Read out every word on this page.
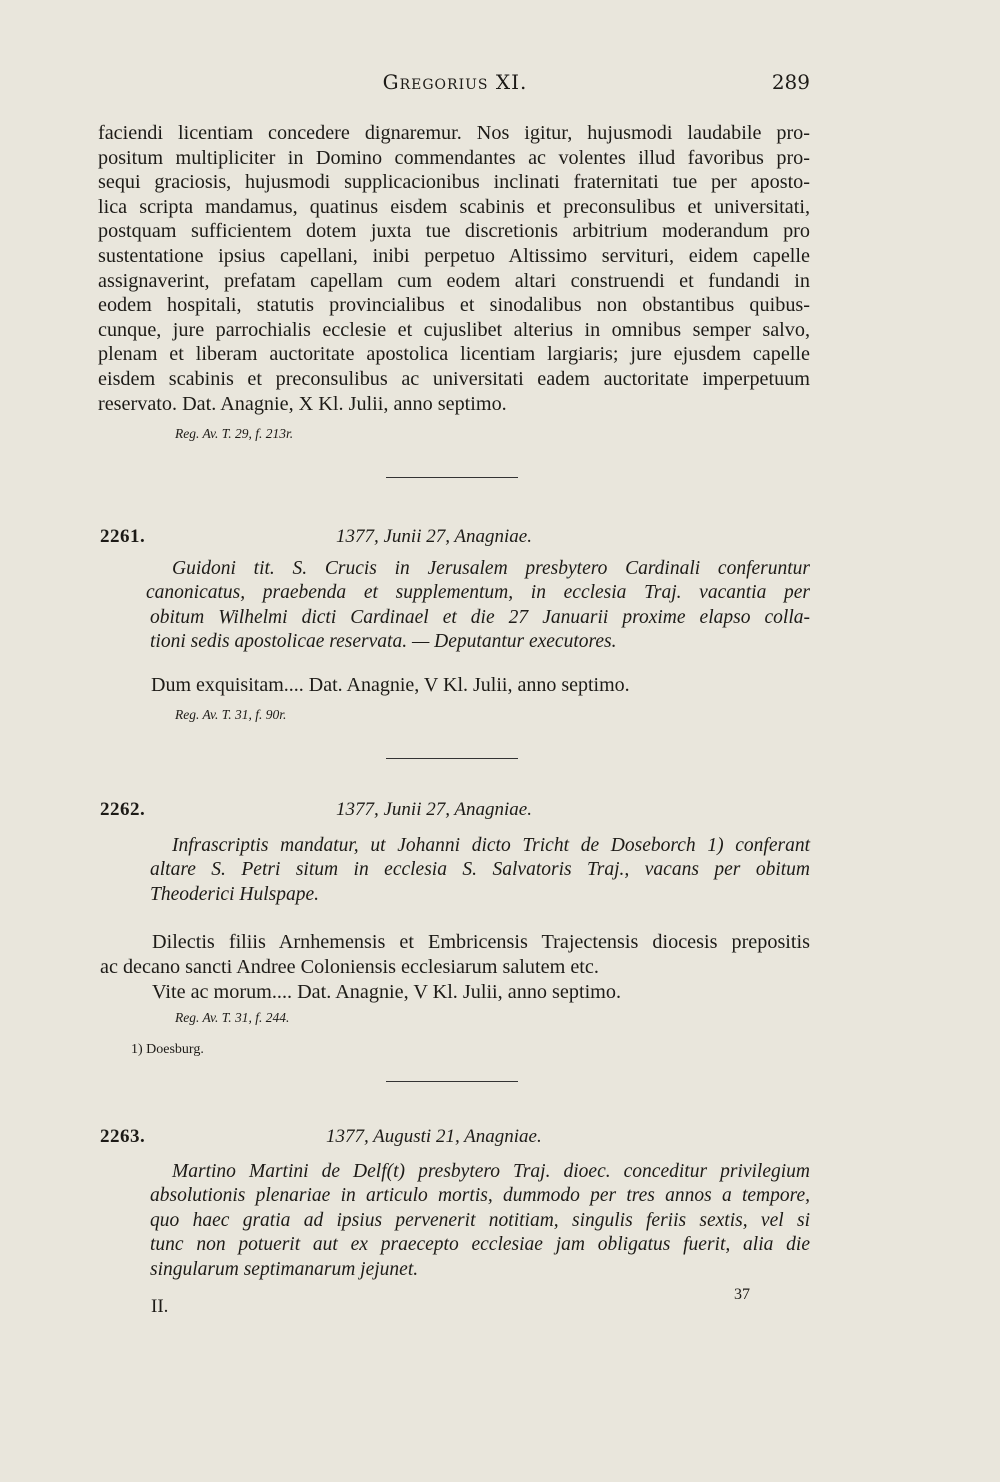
Gregorius XI.	289
faciendi licentiam concedere dignaremur. Nos igitur, hujusmodi laudabile pro-
positum multipliciter in Domino commendantes ac volentes illud favoribus pro-
sequi graciosis, hujusmodi supplicacionibus inclinati fraternitati tue per aposto-
lica scripta mandamus, quatinus eisdem scabinis et preconsulibus et universitati,
postquam sufficientem dotem juxta tue discretionis arbitrium moderandum pro
sustentatione ipsius capellani, inibi perpetuo Altissimo servituri, eidem capelle
assignaverint, prefatam capellam cum eodem altari construendi et fundandi in
eodem hospitali, statutis provincialibus et sinodalibus non obstantibus quibus-
cunque, jure parrochialis ecclesie et cujuslibet alterius in omnibus semper salvo,
plenam et liberam auctoritate apostolica licentiam largiaris; jure ejusdem capelle
eisdem scabinis et preconsulibus ac universitati eadem auctoritate imperpetuum
reservato. Dat. Anagnie, X Kl. Julii, anno septimo.
Reg. Av. T. 29, f. 213r.
2261.	1377, Junii 27, Anagniae.
Guidoni tit. S. Crucis in Jerusalem presbytero Cardinali conferuntur
canonicatus, praebenda et supplementum, in ecclesia Traj. vacantia per
obitum Wilhelmi dicti Cardinael et die 27 Januarii proxime elapso colla-
tioni sedis apostolicae reservata. — Deputantur executores.
Dum exquisitam.... Dat. Anagnie, V Kl. Julii, anno septimo.
Reg. Av. T. 31, f. 90r.
2262.	1377, Junii 27, Anagniae.
Infrascriptis mandatur, ut Johanni dicto Tricht de Doseborch 1) conferant
altare S. Petri situm in ecclesia S. Salvatoris Traj., vacans per obitum
Theoderici Hulspape.
Dilectis filiis Arnhemensis et Embricensis Trajectensis diocesis prepositis
ac decano sancti Andree Coloniensis ecclesiarum salutem etc.
Vite ac morum.... Dat. Anagnie, V Kl. Julii, anno septimo.
Reg. Av. T. 31, f. 244.
1) Doesburg.
2263.	1377, Augusti 21, Anagniae.
Martino Martini de Delf(t) presbytero Traj. dioec. conceditur privilegium
absolutionis plenariae in articulo mortis, dummodo per tres annos a tempore,
quo haec gratia ad ipsius pervenerit notitiam, singulis feriis sextis, vel si
tunc non potuerit aut ex praecepto ecclesiae jam obligatus fuerit, alia die
singularum septimanarum jejunet.
II.
37
